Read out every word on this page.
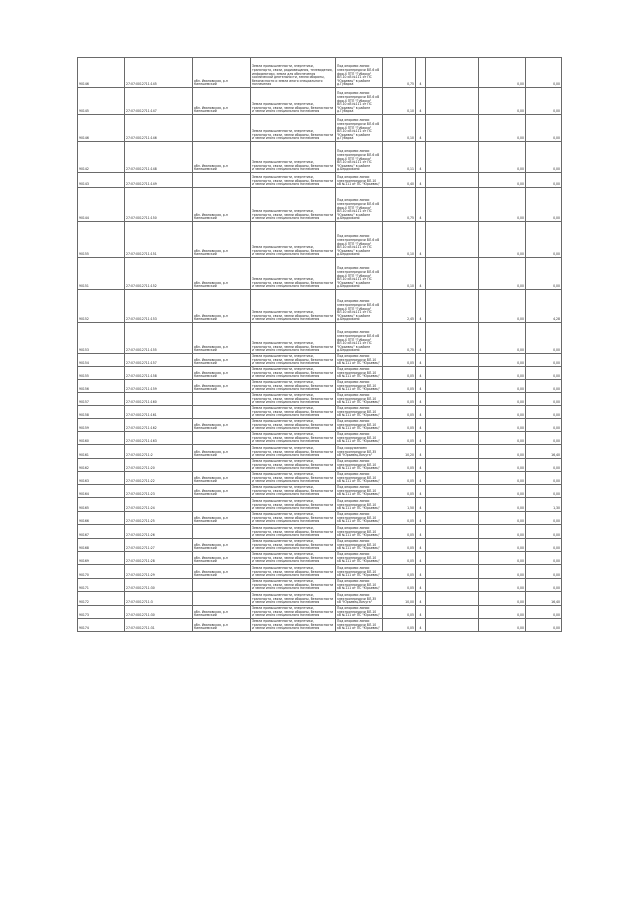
90146	27:07:0012711:145	обл. Ивановская, р-н Кинешемский	Земли промышленности, энергетики, транспорта, связи, радиовещания, телевидения, информатики, земли для обеспечения космической деятельности, земли обороны, безопасности и земли иного специального назначения	Под опорами линии электропередачи ВЛ-6 кВ фид.4 ПТП "Губарка" ВЛ-10 кВ №111 от ПС "Юрьевец" в районе д.Губарка	0,75	4		0,00	0,00

90145	27:07:0012711:147	обл. Ивановская, р-н Кинешемский	Земли промышленности, энергетики, транспорта, связи, земли обороны, безопасности и земли иного специального назначения	Под опорами линии электропередачи ВЛ-6 кВ фид.4 ПТП "Губарка" ВЛ-10 кВ №111 от ПС "Юрьевец" в районе д.Губарка	0,10	4		0,00	0,00

90146	27:07:0012711:146		Земли промышленности, энергетики, транспорта, связи, земли обороны, безопасности и земли иного специального назначения	Под опорами линии электропередачи ВЛ-6 кВ фид.4 ПТП "Губарка" ВЛ-10 кВ №111 от ПС "Юрьевец" в районе д.Губарка	0,10	4		0,00	0,00

90142	27:07:0012711:148	обл. Ивановская, р-н Кинешемский	Земли промышленности, энергетики, транспорта, связи, земли обороны, безопасности и земли иного специального назначения	Под опорами линии электропередачи ВЛ-6 кВ фид.4 ПТП "Губарка" ВЛ-10 кВ №111 от ПС "Юрьевец" в районе д.Бердюжино	0,11	4		0,00	0,00

90143	27:07:0012711:149		Земли промышленности, энергетики, транспорта, связи, земли обороны, безопасности и земли иного специального назначения	Под опорами линии электропередачи ВЛ-10 кВ №111 от ПС "Юрьевец"	0,40	4		0,00	0,00

90144	27:07:0012711:150	обл. Ивановская, р-н Кинешемский	Земли промышленности, энергетики, транспорта, связи, земли обороны, безопасности и земли иного специального назначения	Под опорами линии электропередачи ВЛ-6 кВ фид.4 ПТП "Губарка" ВЛ-10 кВ №111 от ПС "Юрьевец" в районе д.Бердюжино	0,75	4		0,00	0,00

90155	27:07:0012711:151	обл. Ивановская, р-н Кинешемский	Земли промышленности, энергетики, транспорта, связи, земли обороны, безопасности и земли иного специального назначения	Под опорами линии электропередачи ВЛ-6 кВ фид.4 ПТП "Губарка" ВЛ-10 кВ №111 от ПС "Юрьевец" в районе д.Бердюжино	0,10	4		0,00	0,00

90151	27:07:0012711:152	обл. Ивановская, р-н Кинешемский	Земли промышленности, энергетики, транспорта, связи, земли обороны, безопасности и земли иного специального назначения	Под опорами линии электропередачи ВЛ-6 кВ фид.4 ПТП "Губарка" ВЛ-10 кВ №111 от ПС "Юрьевец" в районе д.Бердюжино	0,10	4		0,00	0,00

90152	27:07:0012711:153	обл. Ивановская, р-н Кинешемский	Земли промышленности, энергетики, транспорта, связи, земли обороны, безопасности и земли иного специального назначения	Под опорами линии электропередачи ВЛ-6 кВ фид.4 ПТП "Губарка" ВЛ-10 кВ №111 от ПС "Юрьевец" в районе д.Бердюжино	2,45	4		0,00	4,28

90153	27:07:0012711:155	обл. Ивановская, р-н Кинешемский	Земли промышленности, энергетики, транспорта, связи, земли обороны, безопасности и земли иного специального назначения	Под опорами линии электропередачи ВЛ-6 кВ фид.4 ПТП "Губарка" ВЛ-10 кВ №111 от ПС "Юрьевец" в районе д.Бердюжино	0,75	4		0,00	0,00

90154	27:07:0012711:157	обл. Ивановская, р-н Кинешемский	Земли промышленности, энергетики, транспорта, связи, земли обороны, безопасности и земли иного специального назначения	Под опорами линии электропередачи ВЛ-10 кВ №111 от ПС "Юрьевец"	0,05	4		0,00	0,00

90155	27:07:0012711:158	обл. Ивановская, р-н Кинешемский	Земли промышленности, энергетики, транспорта, связи, земли обороны, безопасности и земли иного специального назначения	Под опорами линии электропередачи ВЛ-10 кВ №111 от ПС "Юрьевец"	0,05	4		0,00	0,00

90156	27:07:0012711:159	обл. Ивановская, р-н Кинешемский	Земли промышленности, энергетики, транспорта, связи, земли обороны, безопасности и земли иного специального назначения	Под опорами линии электропередачи ВЛ-10 кВ №111 от ПС "Юрьевец"	0,05	4		0,00	0,00

90157	27:07:0012711:160		Земли промышленности, энергетики, транспорта, связи, земли обороны, безопасности и земли иного специального назначения	Под опорами линии электропередачи ВЛ-10 кВ №111 от ПС "Юрьевец"	0,05	4		0,00	0,00

90158	27:07:0012711:161		Земли промышленности, энергетики, транспорта, связи, земли обороны, безопасности и земли иного специального назначения	Под опорами линии электропередачи ВЛ-10 кВ №111 от ПС "Юрьевец"	0,05	4		0,00	0,00

90159	27:07:0012711:162	обл. Ивановская, р-н Кинешемский	Земли промышленности, энергетики, транспорта, связи, земли обороны, безопасности и земли иного специального назначения	Под опорами линии электропередачи ВЛ-10 кВ №111 от ПС "Юрьевец"	0,05	4		0,00	0,00

90160	27:07:0012711:163		Земли промышленности, энергетики, транспорта, связи, земли обороны, безопасности и земли иного специального назначения	Под опорами линии электропередачи ВЛ-10 кВ №111 от ПС "Юрьевец"	0,05	4		0,00	0,00

90161	27:07:0012711:2	обл. Ивановская, р-н Кинешемский	Земли промышленности, энергетики, транспорта, связи, земли обороны, безопасности и земли иного специального назначения	Под сооружением электропередачи ВЛ-35 кВ "Юрьевец-Вичуга"	10,20	4		0,00	16,40

90162	27:07:0012711:20		Земли промышленности, энергетики, транспорта, связи, земли обороны, безопасности и земли иного специального назначения	Под опорами линии электропередачи ВЛ-10 кВ №111 от ПС "Юрьевец"	0,05	4		0,00	0,00

90163	27:07:0012711:22	обл. Ивановская, р-н Кинешемский	Земли промышленности, энергетики, транспорта, связи, земли обороны, безопасности и земли иного специального назначения	Под опорами линии электропередачи ВЛ-10 кВ №111 от ПС "Юрьевец"	0,05	4		0,00	0,00

90164	27:07:0012711:23	обл. Ивановская, р-н Кинешемский	Земли промышленности, энергетики, транспорта, связи, земли обороны, безопасности и земли иного специального назначения	Под опорами линии электропередачи ВЛ-10 кВ №111 от ПС "Юрьевец"	0,05	4		0,00	0,00

90165	27:07:0012711:24		Земли промышленности, энергетики, транспорта, связи, земли обороны, безопасности и земли иного специального назначения	Под опорами линии электропередачи ВЛ-10 кВ №111 от ПС "Юрьевец"	1,50	4		0,00	1,30

90166	27:07:0012711:25	обл. Ивановская, р-н Кинешемский	Земли промышленности, энергетики, транспорта, связи, земли обороны, безопасности и земли иного специального назначения	Под опорами линии электропередачи ВЛ-10 кВ №111 от ПС "Юрьевец"	0,05	4		0,00	0,00

90167	27:07:0012711:26		Земли промышленности, энергетики, транспорта, связи, земли обороны, безопасности и земли иного специального назначения	Под опорами линии электропередачи ВЛ-10 кВ №111 от ПС "Юрьевец"	0,05	4		0,00	0,00

90168	27:07:0012711:27	обл. Ивановская, р-н Кинешемский	Земли промышленности, энергетики, транспорта, связи, земли обороны, безопасности и земли иного специального назначения	Под опорами линии электропередачи ВЛ-10 кВ №111 от ПС "Юрьевец"	0,05	4		0,00	0,00

90169	27:07:0012711:28	обл. Ивановская, р-н Кинешемский	Земли промышленности, энергетики, транспорта, связи, земли обороны, безопасности и земли иного специального назначения	Под опорами линии электропередачи ВЛ-10 кВ №111 от ПС "Юрьевец"	0,05	4		0,00	0,00

90170	27:07:0012711:29	обл. Ивановская, р-н Кинешемский	Земли промышленности, энергетики, транспорта, связи, земли обороны, безопасности и земли иного специального назначения	Под опорами линии электропередачи ВЛ-10 кВ №111 от ПС "Юрьевец"	0,05	4		0,00	0,00

90171	27:07:0012711:30		Земли промышленности, энергетики, транспорта, связи, земли обороны, безопасности и земли иного специального назначения	Под опорами линии электропередачи ВЛ-10 кВ №111 от ПС "Юрьевец"	0,05	4		0,00	0,00

90172	27:07:0012711:3		Земли промышленности, энергетики, транспорта, связи, земли обороны, безопасности и земли иного специального назначения	Под опорами линии электропередачи ВЛ-35 кВ "Юрьевец-Вичуга"	10,00	4		0,00	16,40

90173	27:07:0012711:30	обл. Ивановская, р-н Кинешемский	Земли промышленности, энергетики, транспорта, связи, земли обороны, безопасности и земли иного специального назначения	Под опорами линии электропередачи ВЛ-10 кВ №111 от ПС "Юрьевец"	0,05	4		0,00	0,00

90174	27:07:0012711:31	обл. Ивановская, р-н Кинешемский	Земли промышленности, энергетики, транспорта, связи, земли обороны, безопасности и земли иного специального назначения	Под опорами линии электропередачи ВЛ-10 кВ №111 от ПС "Юрьевец"	0,05	4		0,00	0,00
